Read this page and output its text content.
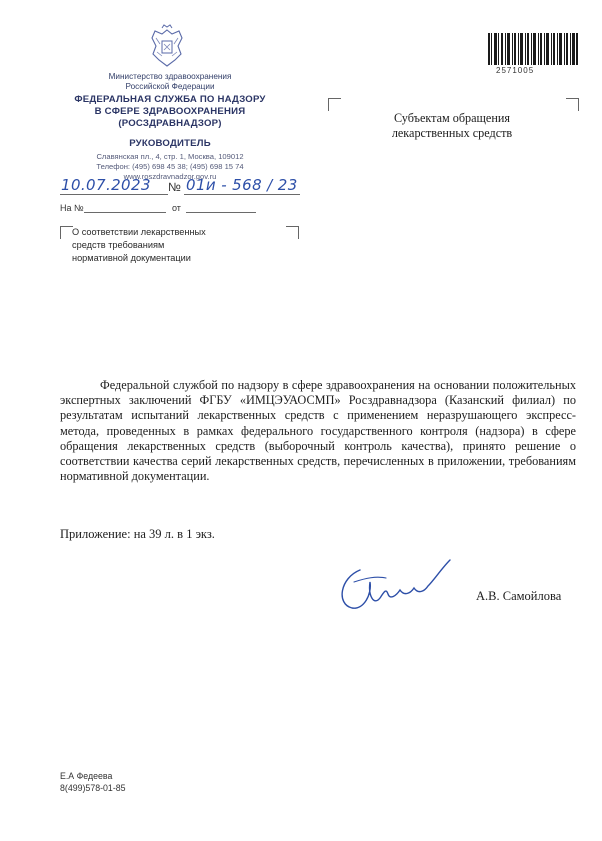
Министерство здравоохранения
Российской Федерации
ФЕДЕРАЛЬНАЯ СЛУЖБА ПО НАДЗОРУ
В СФЕРЕ ЗДРАВООХРАНЕНИЯ
(РОСЗДРАВНАДЗОР)
РУКОВОДИТЕЛЬ
Славянская пл., 4, стр. 1, Москва, 109012
Телефон: (495) 698 45 38; (495) 698 15 74
www.roszdravnadzor.gov.ru
10.07.2023 № 01и - 568 / 23
На №	от
О соответствии лекарственных
средств требованиям
нормативной документации
Субъектам обращения
лекарственных средств
2571005
Федеральной службой по надзору в сфере здравоохранения на основании положительных экспертных заключений ФГБУ «ИМЦЭУАОСМП» Росздравнадзора (Казанский филиал) по результатам испытаний лекарственных средств с применением неразрушающего экспресс-метода, проведенных в рамках федерального государственного контроля (надзора) в сфере обращения лекарственных средств (выборочный контроль качества), принято решение о соответствии качества серий лекарственных средств, перечисленных в приложении, требованиям нормативной документации.
Приложение: на 39 л. в 1 экз.
А.В. Самойлова
Е.А Федеева
8(499)578-01-85
